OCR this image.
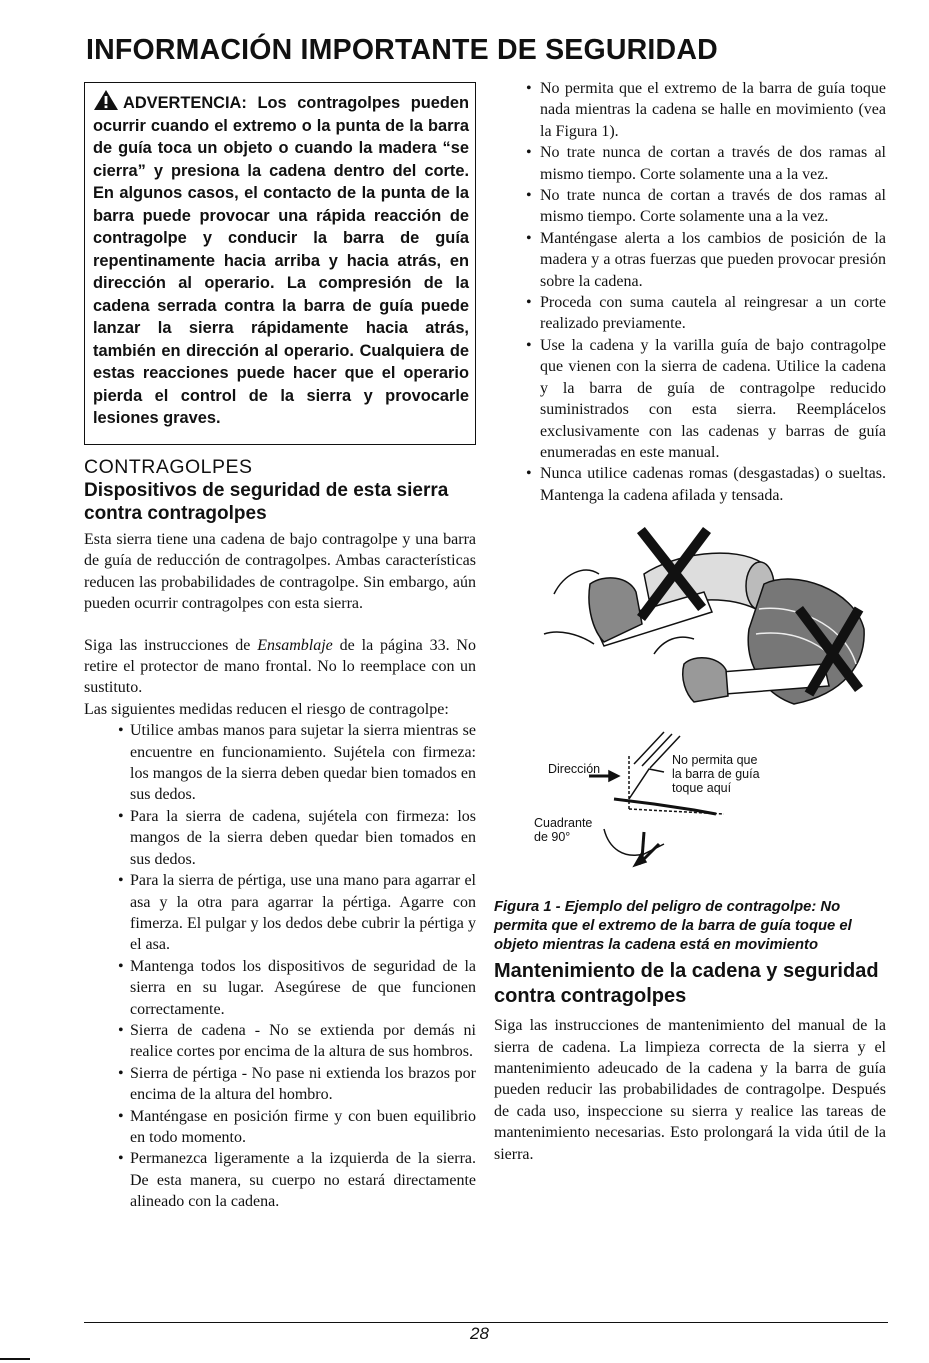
INFORMACIÓN IMPORTANTE DE SEGURIDAD
ADVERTENCIA: Los contragolpes pueden ocurrir cuando el extremo o la punta de la barra de guía toca un objeto o cuando la madera “se cierra” y presiona la cadena dentro del corte. En algunos casos, el contacto de la punta de la barra puede provocar una rápida reacción de contragolpe y conducir la barra de guía repentinamente hacia arriba y hacia atrás, en dirección al operario. La compresión de la cadena serrada contra la barra de guía puede lanzar la sierra rápidamente hacia atrás, también en dirección al operario. Cualquiera de estas reacciones puede hacer que el operario pierda el control de la sierra y provocarle lesiones graves.
CONTRAGOLPES
Dispositivos de seguridad de esta sierra contra contragolpes

Esta sierra tiene una cadena de bajo contragolpe y una barra de guía de reducción de contragolpes. Ambas características reducen las probabilidades de contragolpe. Sin embargo, aún pueden ocurrir contragolpes con esta sierra.

Siga las instrucciones de Ensamblaje de la página 33. No retire el protector de mano frontal. No lo reemplace con un sustituto.

Las siguientes medidas reducen el riesgo de contragolpe:

• Utilice ambas manos para sujetar la sierra mientras se encuentre en funcionamiento. Sujétela con firmeza: los mangos de la sierra deben quedar bien tomados en sus dedos.
• Para la sierra de cadena, sujétela con firmeza: los mangos de la sierra deben quedar bien tomados en sus dedos.
• Para la sierra de pértiga, use una mano para agarrar el asa y la otra para agarrar la pértiga. Agarre con fimerza. El pulgar y los dedos debe cubrir la pértiga y el asa.
• Mantenga todos los dispositivos de seguridad de la sierra en su lugar. Asegúrese de que funcionen correctamente.
• Sierra de cadena - No se extienda por demás ni realice cortes por encima de la altura de sus hombros.
• Sierra de pértiga - No pase ni extienda los brazos por encima de la altura del hombro.
• Manténgase en posición firme y con buen equilibrio en todo momento.
• Permanezca ligeramente a la izquierda de la sierra. De esta manera, su cuerpo no estará directamente alineado con la cadena.
• No permita que el extremo de la barra de guía toque nada mientras la cadena se halle en movimiento (vea la Figura 1).
• No trate nunca de cortan a través de dos ramas al mismo tiempo. Corte solamente una a la vez.
• No trate nunca de cortan a través de dos ramas al mismo tiempo. Corte solamente una a la vez.
• Manténgase alerta a los cambios de posición de la madera y a otras fuerzas que pueden provocar presión sobre la cadena.
• Proceda con suma cautela al reingresar a un corte realizado previamente.
• Use la cadena y la varilla guía de bajo contragolpe que vienen con la sierra de cadena. Utilice la cadena y la barra de guía de contragolpe reducido suministrados con esta sierra. Reemplácelos exclusivamente con las cadenas y barras de guía enumeradas en este manual.
• Nunca utilice cadenas romas (desgastadas) o sueltas. Mantenga la cadena afilada y tensada.
Dirección
No permita que
la barra de guía
toque aquí
Cuadrante
de 90°

Figura 1 - Ejemplo del peligro de contragolpe: No permita que el extremo de la barra de guía toque el objeto mientras la cadena está en movimiento

Mantenimiento de la cadena y seguridad contra contragolpes

Siga las instrucciones de mantenimiento del manual de la sierra de cadena. La limpieza correcta de la sierra y el mantenimiento adeucado de la cadena y la barra de guía pueden reducir las probabilidades de contragolpe. Después de cada uso, inspeccione su sierra y realice las tareas de mantenimiento necesarias. Esto prolongará la vida útil de la sierra.

28
